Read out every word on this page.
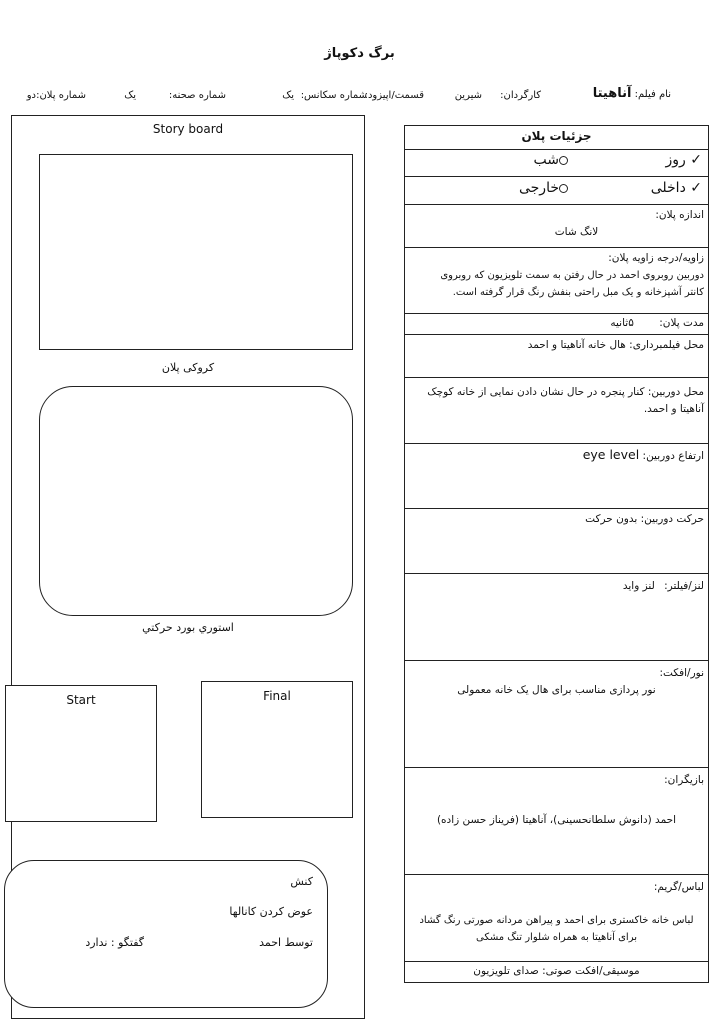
برگ دکوپاژ
نام فیلم: آناهیتا
کارگردان:
شیرین
قسمت/اپیزود:
شماره سکانس:
یک
شماره صحنه:
یک
شماره پلان:
دو
Story board
کروکی پلان
استوري بورد حركتي
Start	Final
کنش
عوض کردن کانالها
توسط احمد
گفتگو : ندارد
جزئیات پلان
✓ روز
شب
✓ داخلی
خارجی
اندازه پلان:
لانگ شات
زاویه/درجه زاویه پلان:
دوربین روبروی احمد در حال رفتن به سمت تلویزیون که روبروی
کانتر آشپزخانه و یک مبل راحتی بنفش رنگ قرار گرفته است.
مدت پلان: ۵ثانیه
محل فیلمبرداری: هال خانه آناهیتا و احمد
محل دوربین: کنار پنجره در حال نشان دادن نمایی از خانه کوچک
آناهیتا و احمد.
ارتفاع دوربین: eye level
حرکت دوربین: بدون حرکت
لنز/فیلتر: لنز واید
نور/افکت:
نور پردازی مناسب برای هال یک خانه معمولی
بازیگران:
احمد (دانوش سلطانحسینی)، آناهیتا (فریناز حسن زاده)
لباس/گریم:
لباس خانه خاکستری برای احمد و پیراهن مردانه صورتی رنگ گشاد
برای آناهیتا به همراه شلوار تنگ مشکی
موسیقی/افکت صوتی: صدای تلویزیون
